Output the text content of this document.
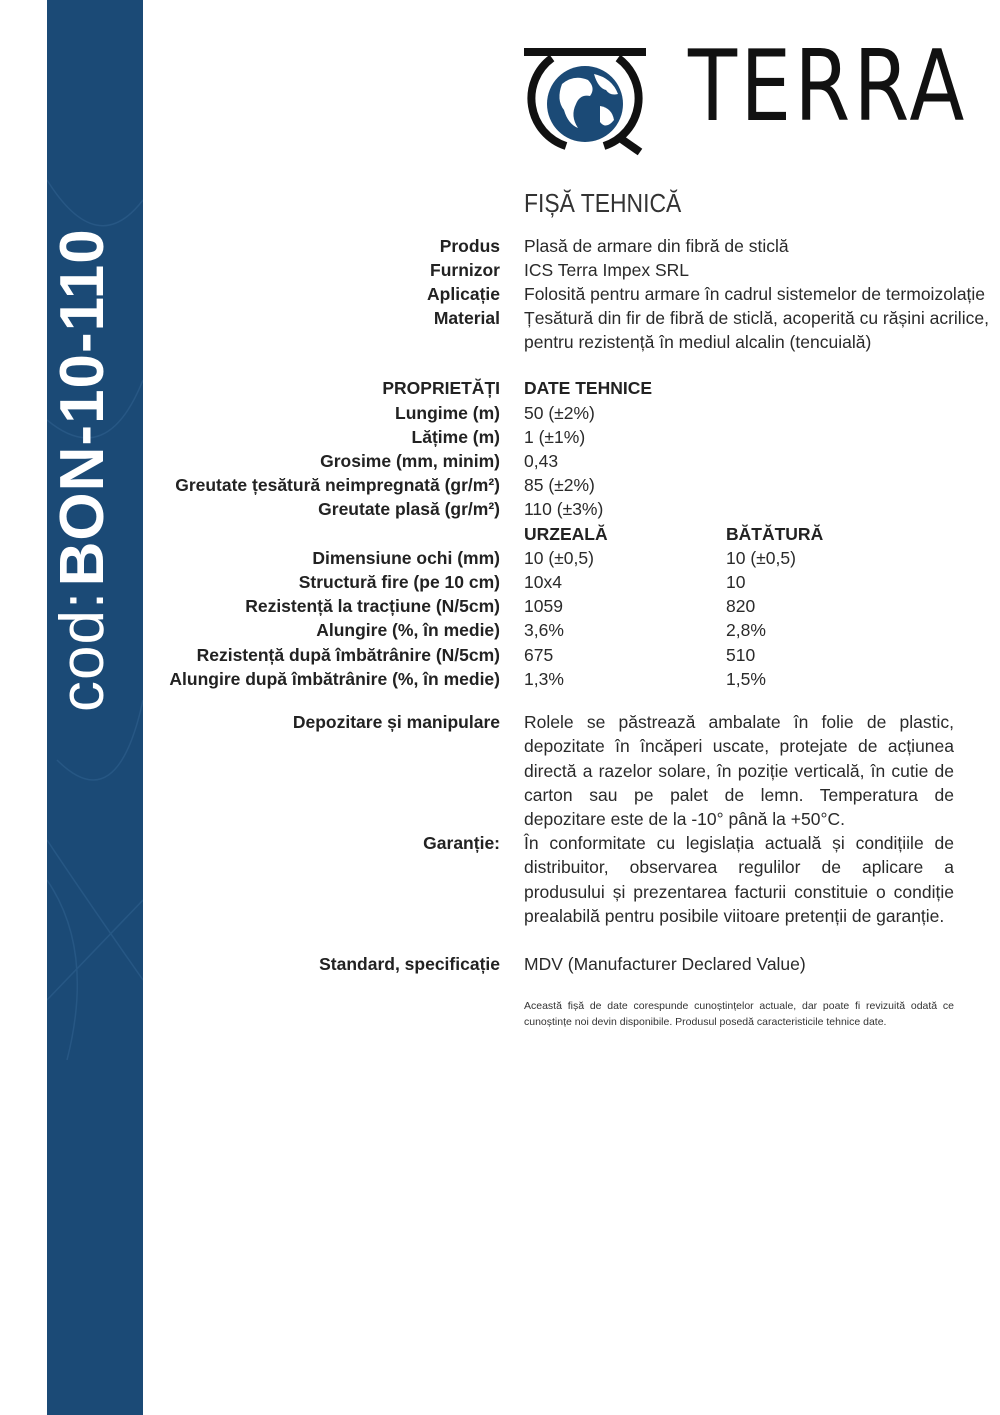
cod: BON-10-110
TERRA
FIȘĂ TEHNICĂ
Produs Plasă de armare din fibră de sticlă
Furnizor ICS Terra Impex SRL
Aplicație Folosită pentru armare în cadrul sistemelor de termoizolație
Material Țesătură din fir de fibră de sticlă, acoperită cu rășini acrilice,
pentru rezistență în mediul alcalin (tencuială)
PROPRIETĂȚI DATE TEHNICE
Lungime (m) 50 (±2%)
Lățime (m) 1 (±1%)
Grosime (mm, minim) 0,43
Greutate țesătură neimpregnată (gr/m²) 85 (±2%)
Greutate plasă (gr/m²) 110 (±3%)
URZEALĂ	BĂTĂTURĂ
Dimensiune ochi (mm) 10 (±0,5)	10 (±0,5)
Structură fire (pe 10 cm) 10x4	10
Rezistență la tracțiune (N/5cm) 1059	820
Alungire (%, în medie) 3,6%	2,8%
Rezistență după îmbătrânire (N/5cm) 675	510
Alungire după îmbătrânire (%, în medie) 1,3%	1,5%
Depozitare și manipulare Rolele se păstrează ambalate în folie de plastic, depozitate în încăperi uscate, protejate de acțiunea directă a razelor solare, în poziție verticală, în cutie de carton sau pe palet de lemn. Temperatura de depozitare este de la -10° până la +50°C.
Garanție: În conformitate cu legislația actuală și condițiile de distribuitor, observarea regulilor de aplicare a produsului și prezentarea facturii constituie o condiție prealabilă pentru posibile viitoare pretenții de garanție.
Standard, specificație MDV (Manufacturer Declared Value)
Această fișă de date corespunde cunoștințelor actuale, dar poate fi revizuită odată ce cunoștințe noi devin disponibile. Produsul posedă caracteristicile tehnice date.
